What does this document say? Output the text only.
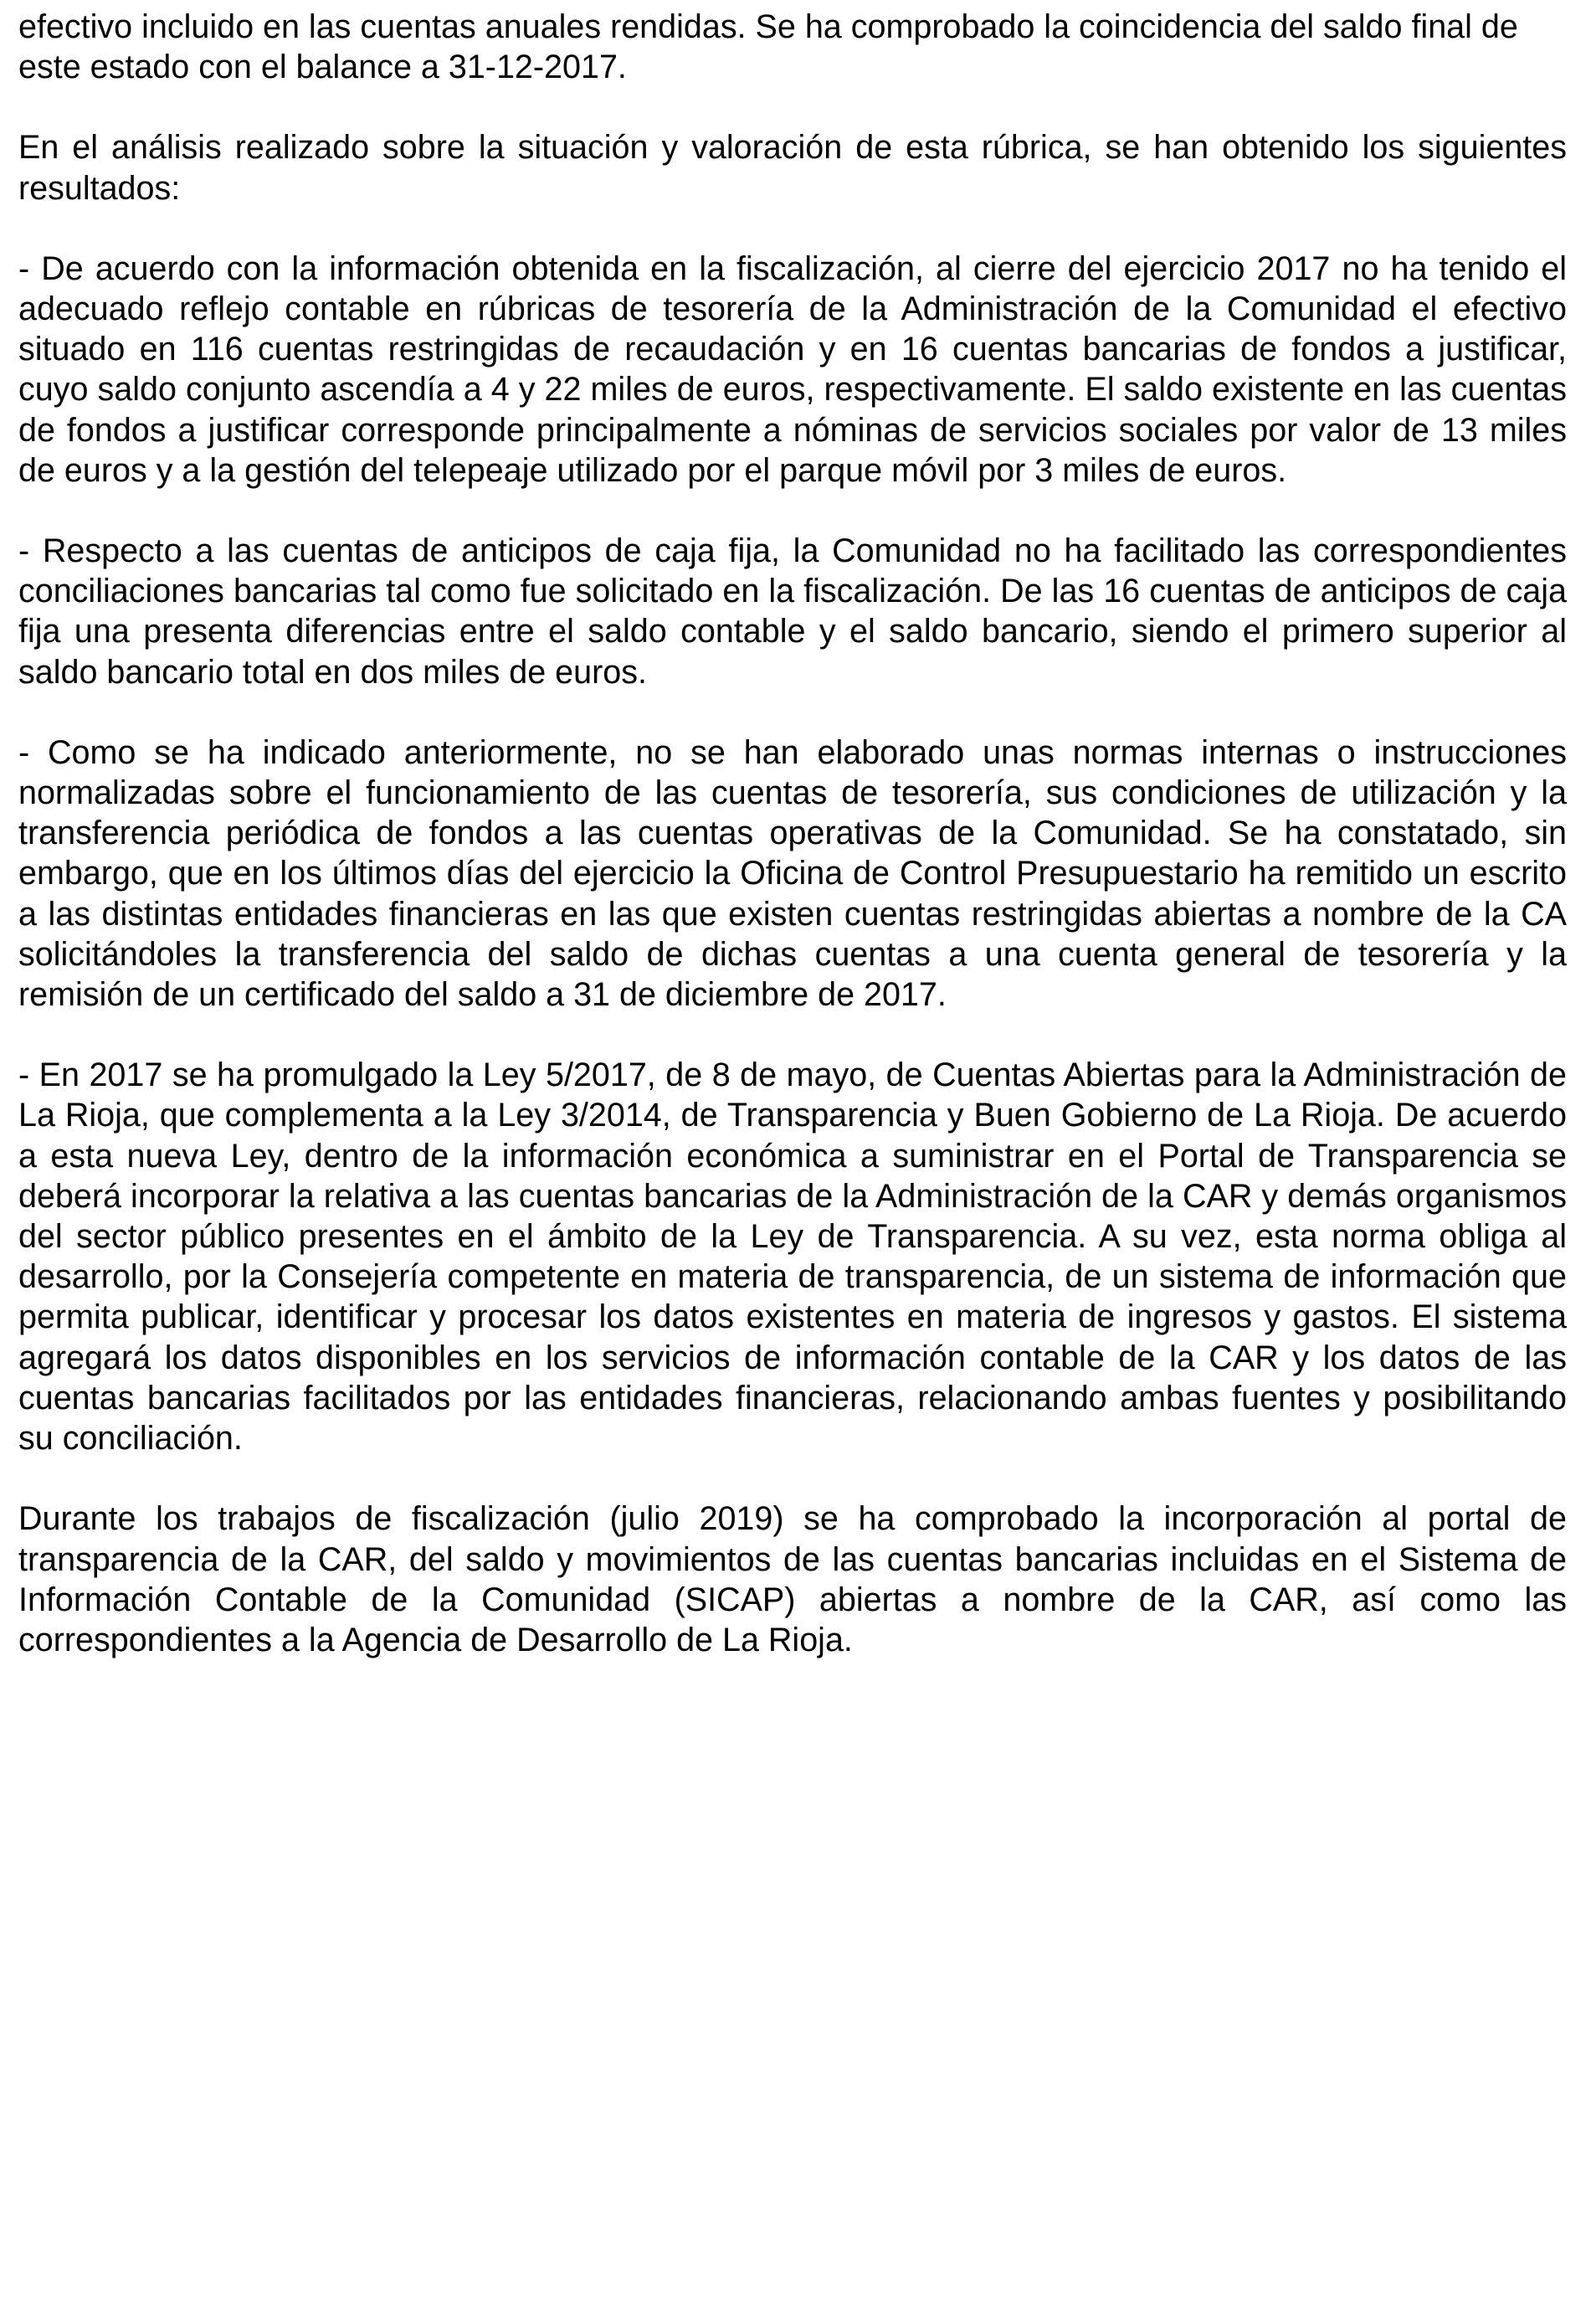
efectivo incluido en las cuentas anuales rendidas. Se ha comprobado la coincidencia del saldo final de este estado con el balance a 31-12-2017.

En el análisis realizado sobre la situación y valoración de esta rúbrica, se han obtenido los siguientes resultados:

- De acuerdo con la información obtenida en la fiscalización, al cierre del ejercicio 2017 no ha tenido el adecuado reflejo contable en rúbricas de tesorería de la Administración de la Comunidad el efectivo situado en 116 cuentas restringidas de recaudación y en 16 cuentas bancarias de fondos a justificar, cuyo saldo conjunto ascendía a 4 y 22 miles de euros, respectivamente. El saldo existente en las cuentas de fondos a justificar corresponde principalmente a nóminas de servicios sociales por valor de 13 miles de euros y a la gestión del telepeaje utilizado por el parque móvil por 3 miles de euros.

- Respecto a las cuentas de anticipos de caja fija, la Comunidad no ha facilitado las correspondientes conciliaciones bancarias tal como fue solicitado en la fiscalización. De las 16 cuentas de anticipos de caja fija una presenta diferencias entre el saldo contable y el saldo bancario, siendo el primero superior al saldo bancario total en dos miles de euros.

- Como se ha indicado anteriormente, no se han elaborado unas normas internas o instrucciones normalizadas sobre el funcionamiento de las cuentas de tesorería, sus condiciones de utilización y la transferencia periódica de fondos a las cuentas operativas de la Comunidad. Se ha constatado, sin embargo, que en los últimos días del ejercicio la Oficina de Control Presupuestario ha remitido un escrito a las distintas entidades financieras en las que existen cuentas restringidas abiertas a nombre de la CA solicitándoles la transferencia del saldo de dichas cuentas a una cuenta general de tesorería y la remisión de un certificado del saldo a 31 de diciembre de 2017.

- En 2017 se ha promulgado la Ley 5/2017, de 8 de mayo, de Cuentas Abiertas para la Administración de La Rioja, que complementa a la Ley 3/2014, de Transparencia y Buen Gobierno de La Rioja. De acuerdo a esta nueva Ley, dentro de la información económica a suministrar en el Portal de Transparencia se deberá incorporar la relativa a las cuentas bancarias de la Administración de la CAR y demás organismos del sector público presentes en el ámbito de la Ley de Transparencia. A su vez, esta norma obliga al desarrollo, por la Consejería competente en materia de transparencia, de un sistema de información que permita publicar, identificar y procesar los datos existentes en materia de ingresos y gastos. El sistema agregará los datos disponibles en los servicios de información contable de la CAR y los datos de las cuentas bancarias facilitados por las entidades financieras, relacionando ambas fuentes y posibilitando su conciliación.

Durante los trabajos de fiscalización (julio 2019) se ha comprobado la incorporación al portal de transparencia de la CAR, del saldo y movimientos de las cuentas bancarias incluidas en el Sistema de Información Contable de la Comunidad (SICAP) abiertas a nombre de la CAR, así como las correspondientes a la Agencia de Desarrollo de La Rioja.
